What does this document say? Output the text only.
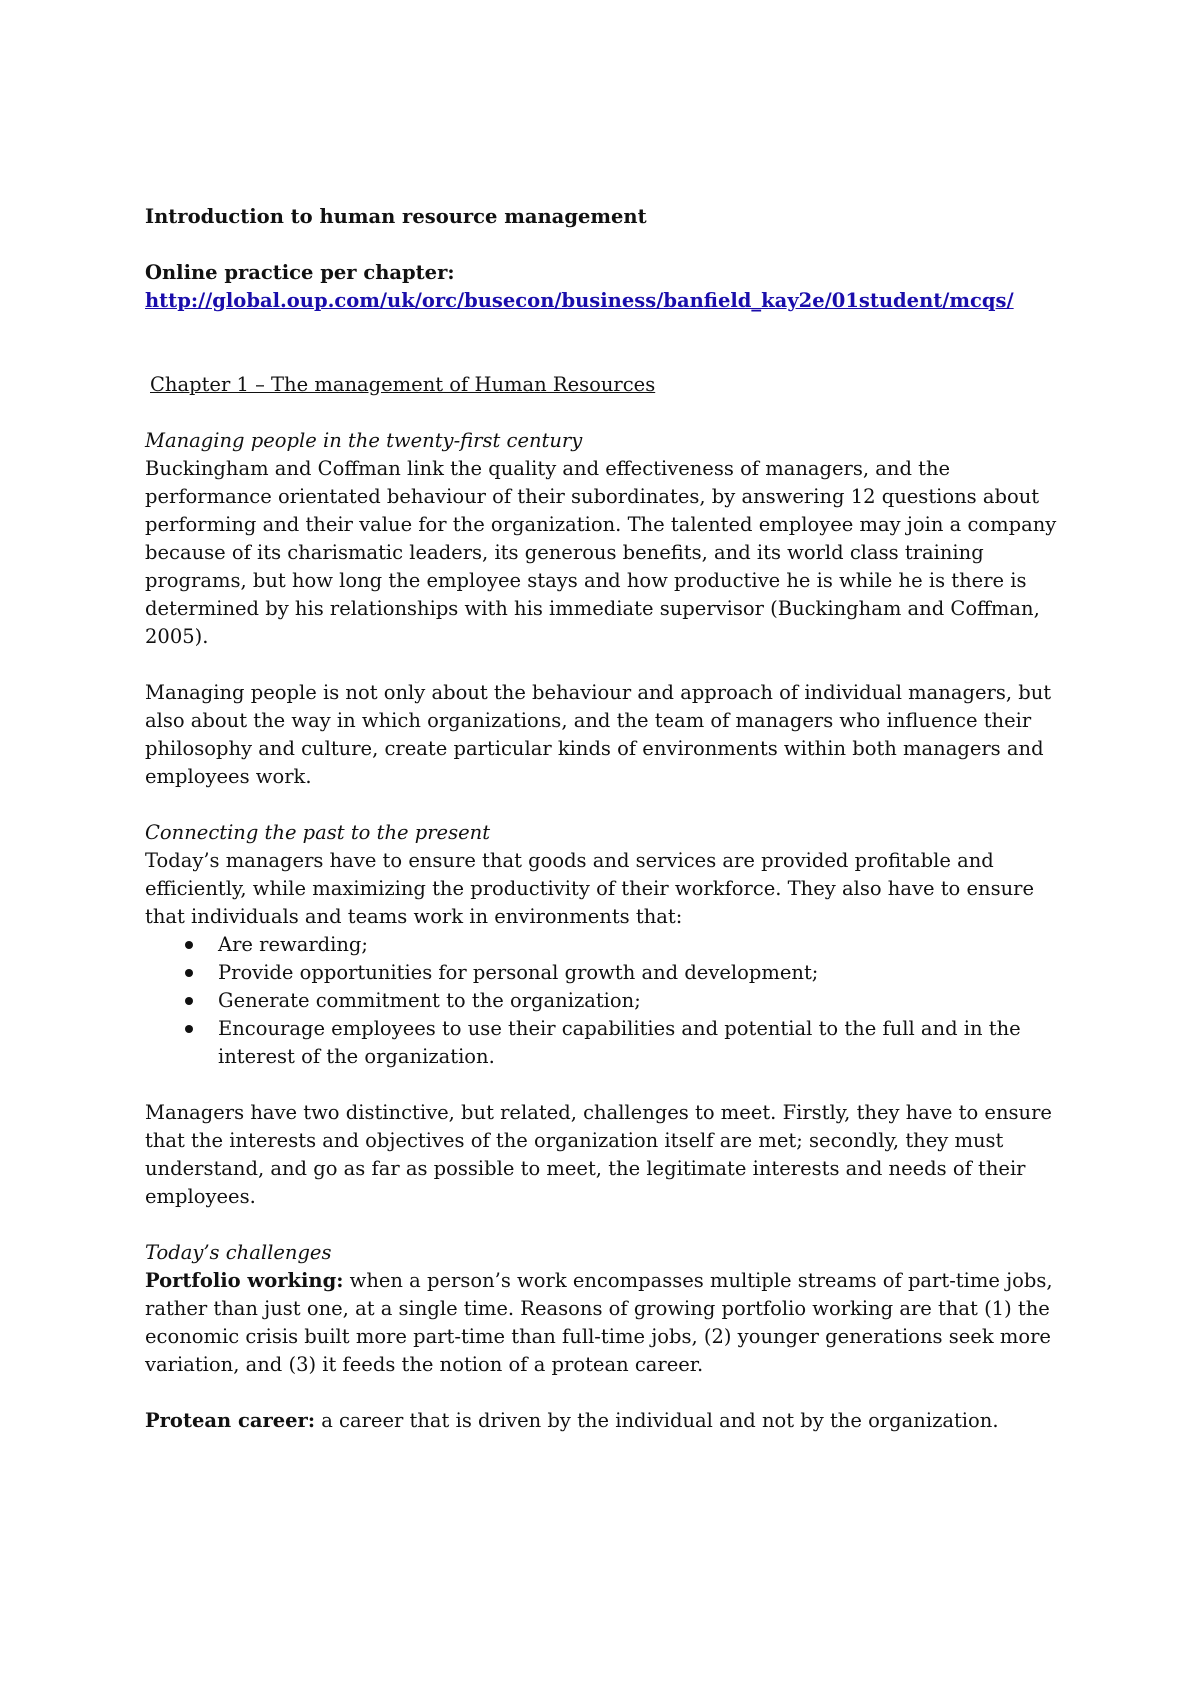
Introduction to human resource management

Online practice per chapter:

http://global.oup.com/uk/orc/busecon/business/banfield_kay2e/01student/mcqs/

Chapter 1 – The management of Human Resources

Managing people in the twenty-first century

Buckingham and Coffman link the quality and effectiveness of managers, and the performance orientated behaviour of their subordinates, by answering 12 questions about performing and their value for the organization. The talented employee may join a company because of its charismatic leaders, its generous benefits, and its world class training programs, but how long the employee stays and how productive he is while he is there is determined by his relationships with his immediate supervisor (Buckingham and Coffman, 2005).

Managing people is not only about the behaviour and approach of individual managers, but also about the way in which organizations, and the team of managers who influence their philosophy and culture, create particular kinds of environments within both managers and employees work.

Connecting the past to the present

Today’s managers have to ensure that goods and services are provided profitable and efficiently, while maximizing the productivity of their workforce. They also have to ensure that individuals and teams work in environments that:

Are rewarding;
Provide opportunities for personal growth and development;
Generate commitment to the organization;
Encourage employees to use their capabilities and potential to the full and in the interest of the organization.

Managers have two distinctive, but related, challenges to meet. Firstly, they have to ensure that the interests and objectives of the organization itself are met; secondly, they must understand, and go as far as possible to meet, the legitimate interests and needs of their employees.

Today’s challenges

Portfolio working: when a person’s work encompasses multiple streams of part-time jobs, rather than just one, at a single time. Reasons of growing portfolio working are that (1) the economic crisis built more part-time than full-time jobs, (2) younger generations seek more variation, and (3) it feeds the notion of a protean career.

Protean career: a career that is driven by the individual and not by the organization.
